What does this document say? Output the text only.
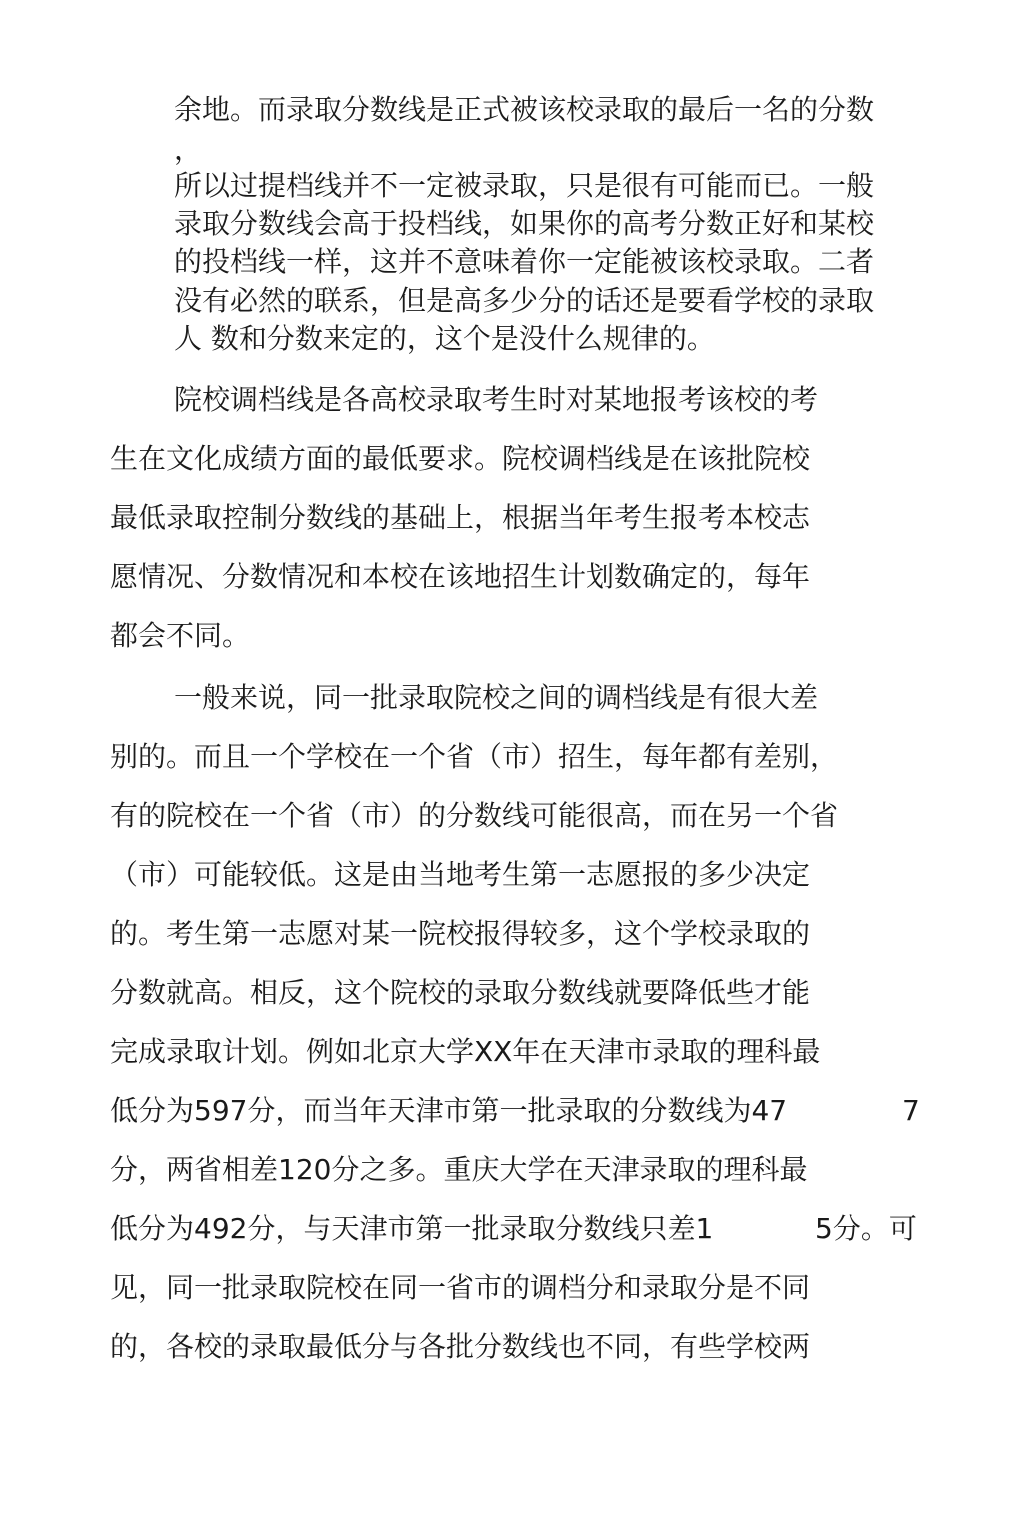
余地。而录取分数线是正式被该校录取的最后一名的分数
，
所以过提档线并不一定被录取，只是很有可能而已。一般
录取分数线会高于投档线，如果你的高考分数正好和某校
的投档线一样，这并不意味着你一定能被该校录取。二者
没有必然的联系，但是高多少分的话还是要看学校的录取
人 数和分数来定的，这个是没什么规律的。
院校调档线是各高校录取考生时对某地报考该校的考
生在文化成绩方面的最低要求。院校调档线是在该批院校
最低录取控制分数线的基础上，根据当年考生报考本校志
愿情况、分数情况和本校在该地招生计划数确定的，每年
都会不同。
一般来说，同一批录取院校之间的调档线是有很大差
别的。而且一个学校在一个省（市）招生，每年都有差别，
有的院校在一个省（市）的分数线可能很高，而在另一个省
（市）可能较低。这是由当地考生第一志愿报的多少决定
的。考生第一志愿对某一院校报得较多，这个学校录取的
分数就高。相反，这个院校的录取分数线就要降低些才能
完成录取计划。例如北京大学XX年在天津市录取的理科最
低分为597分，而当年天津市第一批录取的分数线为47	7
分，两省相差120分之多。重庆大学在天津录取的理科最
低分为492分，与天津市第一批录取分数线只差1	5分。可
见，同一批录取院校在同一省市的调档分和录取分是不同
的，各校的录取最低分与各批分数线也不同，有些学校两
